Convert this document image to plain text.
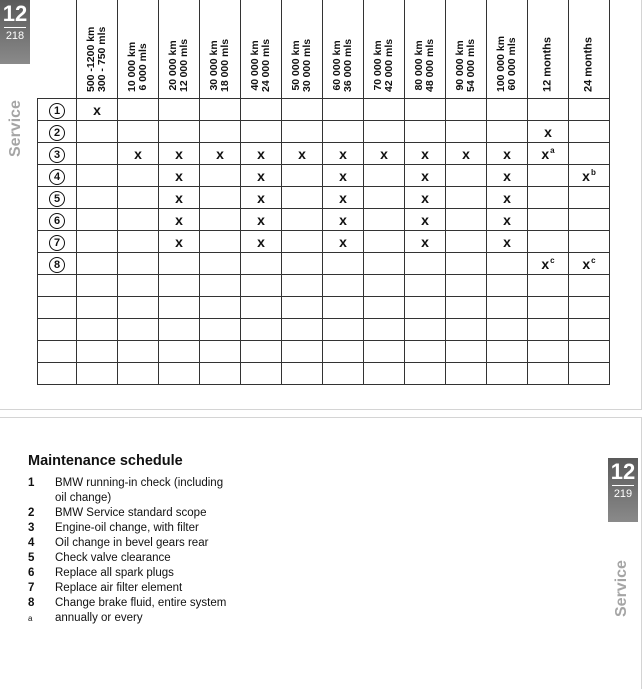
12
218
Service

	500 -1200 km 300 - 750 mls	10 000 km 6 000 mls	20 000 km 12 000 mls	30 000 km 18 000 mls	40 000 km 24 000 mls	50 000 km 30 000 mls	60 000 km 36 000 mls	70 000 km 42 000 mls	80 000 km 48 000 mls	90 000 km 54 000 mls	100 000 km 60 000 mls	12 months	24 months

1	x												
2												x	
3		x	x	x	x	x	x	x	x	x	x	$x^a$	
4			x		x		x		x		x		$x^b$
5			x		x		x		x		x		
6			x		x		x		x		x		
7			x		x		x		x		x		
8												$x^c$	$x^c$

12
219
Service
Maintenance schedule
1	BMW running-in check (including oil change)
2	BMW Service standard scope
3	Engine-oil change, with filter
4	Oil change in bevel gears rear
5	Check valve clearance
6	Replace all spark plugs
7	Replace air filter element
8	Change brake fluid, entire system
a	annually or every
